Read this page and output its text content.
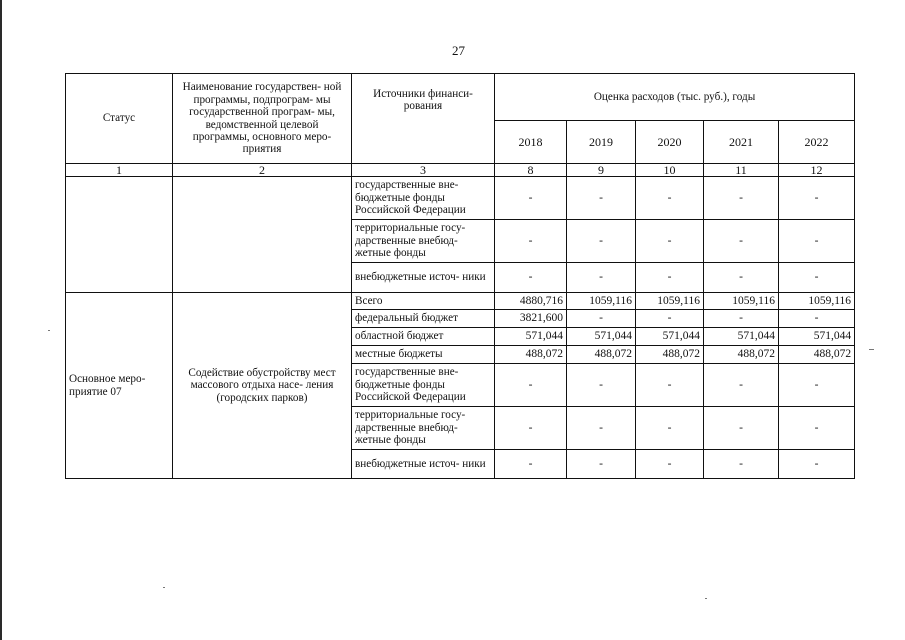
27
Статус	Наименование государствен- ной программы, подпрограм- мы государственной програм- мы, ведомственной целевой программы, основного меро- приятия	Источники финанси- рования	Оценка расходов (тыс. руб.), годы				
			2018	2019	2020	2021	2022
1	2	3	8	9	10	11	12
		государственные вне- бюджетные фонды Российской Федерации	-	-	-	-	-
		территориальные госу- дарственные внебюд- жетные фонды	-	-	-	-	-
		внебюджетные источ- ники	-	-	-	-	-
Основное меро- приятие 07	Содействие обустройству мест массового отдыха насе- ления (городских парков)	Всего	4880,716	1059,116	1059,116	1059,116	1059,116
		федеральный бюджет	3821,600	-	-	-	-
		областной бюджет	571,044	571,044	571,044	571,044	571,044
		местные бюджеты	488,072	488,072	488,072	488,072	488,072
		государственные вне- бюджетные фонды Российской Федерации	-	-	-	-	-
		территориальные госу- дарственные внебюд- жетные фонды	-	-	-	-	-
		внебюджетные источ- ники	-	-	-	-	-
